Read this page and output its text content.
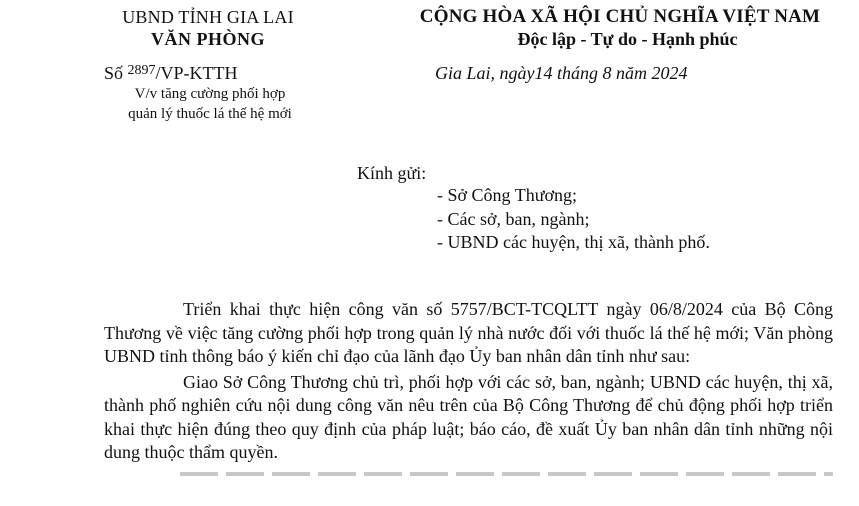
UBND TỈNH GIA LAI
VĂN PHÒNG
CỘNG HÒA XÃ HỘI CHỦ NGHĨA VIỆT NAM
Độc lập - Tự do - Hạnh phúc
Số $^{2897}$/VP-KTTH
V/v tăng cường phối hợp
quản lý thuốc lá thế hệ mới
Gia Lai, ngày14 tháng 8 năm 2024
Kính gửi:
- Sở Công Thương;
- Các sở, ban, ngành;
- UBND các huyện, thị xã, thành phố.

Triển khai thực hiện công văn số 5757/BCT-TCQLTT ngày 06/8/2024 của Bộ Công Thương về việc tăng cường phối hợp trong quản lý nhà nước đối với thuốc lá thế hệ mới; Văn phòng UBND tỉnh thông báo ý kiến chỉ đạo của lãnh đạo Ủy ban nhân dân tỉnh như sau:

Giao Sở Công Thương chủ trì, phối hợp với các sở, ban, ngành; UBND các huyện, thị xã, thành phố nghiên cứu nội dung công văn nêu trên của Bộ Công Thương để chủ động phối hợp triển khai thực hiện đúng theo quy định của pháp luật; báo cáo, đề xuất Ủy ban nhân dân tỉnh những nội dung thuộc thẩm quyền.
